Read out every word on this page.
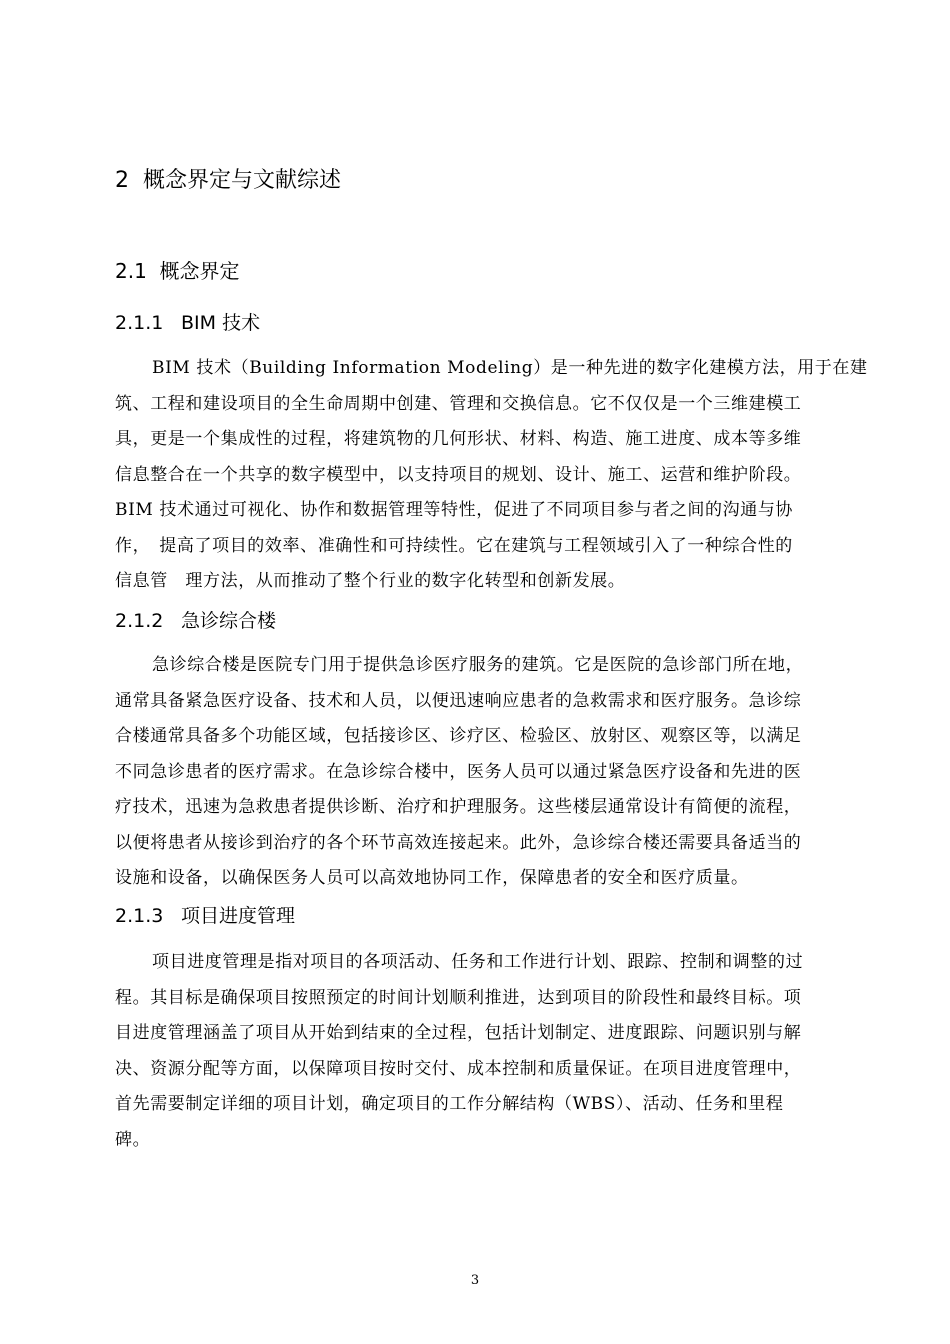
2 概念界定与文献综述
2.1 概念界定
2.1.1 BIM 技术
BIM 技术（Building Information Modeling）是一种先进的数字化建模方法，用于在建
筑、工程和建设项目的全生命周期中创建、管理和交换信息。它不仅仅是一个三维建模工
具，更是一个集成性的过程，将建筑物的几何形状、材料、构造、施工进度、成本等多维
信息整合在一个共享的数字模型中，以支持项目的规划、设计、施工、运营和维护阶段。
BIM 技术通过可视化、协作和数据管理等特性，促进了不同项目参与者之间的沟通与协
作，　提高了项目的效率、准确性和可持续性。它在建筑与工程领域引入了一种综合性的
信息管　理方法，从而推动了整个行业的数字化转型和创新发展。
2.1.2 急诊综合楼
急诊综合楼是医院专门用于提供急诊医疗服务的建筑。它是医院的急诊部门所在地，
通常具备紧急医疗设备、技术和人员，以便迅速响应患者的急救需求和医疗服务。急诊综
合楼通常具备多个功能区域，包括接诊区、诊疗区、检验区、放射区、观察区等，以满足
不同急诊患者的医疗需求。在急诊综合楼中，医务人员可以通过紧急医疗设备和先进的医
疗技术，迅速为急救患者提供诊断、治疗和护理服务。这些楼层通常设计有简便的流程，
以便将患者从接诊到治疗的各个环节高效连接起来。此外，急诊综合楼还需要具备适当的
设施和设备，以确保医务人员可以高效地协同工作，保障患者的安全和医疗质量。
2.1.3 项目进度管理
项目进度管理是指对项目的各项活动、任务和工作进行计划、跟踪、控制和调整的过
程。其目标是确保项目按照预定的时间计划顺利推进，达到项目的阶段性和最终目标。项
目进度管理涵盖了项目从开始到结束的全过程，包括计划制定、进度跟踪、问题识别与解
决、资源分配等方面，以保障项目按时交付、成本控制和质量保证。在项目进度管理中，
首先需要制定详细的项目计划，确定项目的工作分解结构（WBS）、活动、任务和里程
碑。
3
